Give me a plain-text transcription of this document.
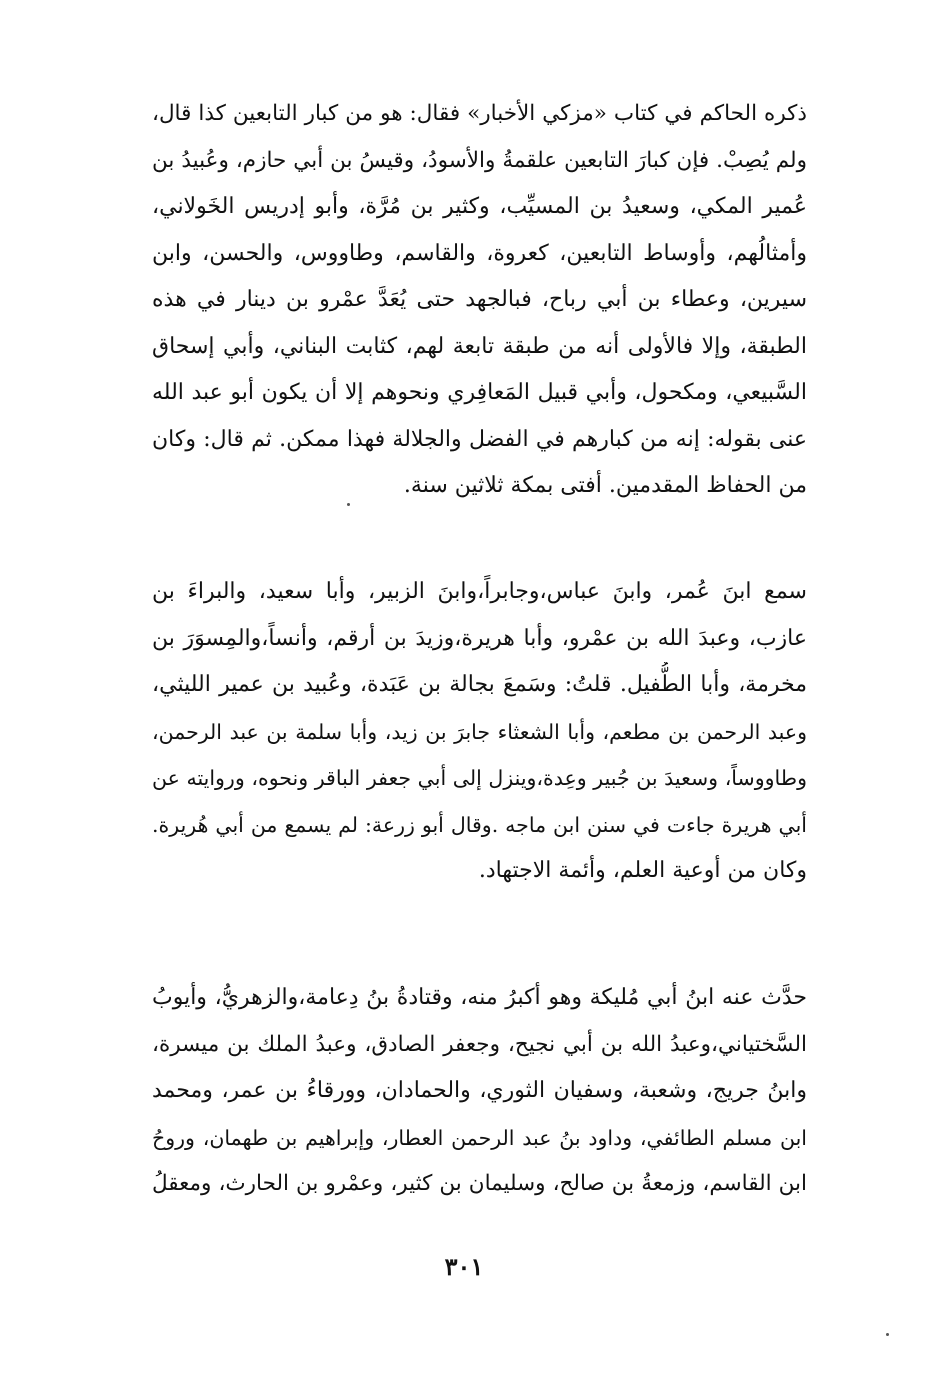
ذكره الحاكم في كتاب «مزكي الأخبار» فقال: هو من كبار التابعين كذا قال،
ولم يُصِبْ. فإن كبارَ التابعين علقمةُ والأسودُ، وقيسُ بن أبي حازم، وعُبيدُ بن
عُمير المكي، وسعيدُ بن المسيِّب، وكثير بن مُرَّة، وأبو إدريس الخَولاني،
وأمثالُهم، وأوساط التابعين، كعروة، والقاسم، وطاووس، والحسن، وابن
سيرين، وعطاء بن أبي رباح، فبالجهد حتى يُعَدَّ عمْرو بن دينار في هذه
الطبقة، وإلا فالأولى أنه من طبقة تابعة لهم، كثابت البناني، وأبي إسحاق
السَّبيعي، ومكحول، وأبي قبيل المَعافِري ونحوهم إلا أن يكون أبو عبد الله
عنى بقوله: إنه من كبارهم في الفضل والجلالة فهذا ممكن. ثم قال: وكان
من الحفاظ المقدمين. أفتى بمكة ثلاثين سنة.
سمع ابنَ عُمر، وابنَ عباس،وجابراً،وابنَ الزبير، وأبا سعيد، والبراءَ بن
عازب، وعبدَ الله بن عمْرو، وأبا هريرة،وزيدَ بن أرقم، وأنساً،والمِسوَرَ بن
مخرمة، وأبا الطُّفيل. قلتُ: وسَمعَ بجالة بن عَبَدة، وعُبيد بن عمير الليثي،
وعبد الرحمن بن مطعم، وأبا الشعثاء جابرَ بن زيد، وأبا سلمة بن عبد الرحمن،
وطاووساً، وسعيدَ بن جُبير وعِدة،وينزل إلى أبي جعفر الباقر ونحوه، وروايته عن
أبي هريرة جاءت في سنن ابن ماجه .وقال أبو زرعة: لم يسمع من أبي هُريرة.
وكان من أوعية العلم، وأئمة الاجتهاد.
حدَّث عنه ابنُ أبي مُليكة وهو أكبرُ منه، وقتادةُ بنُ دِعامة،والزهريُّ، وأيوبُ
السَّختياني،وعبدُ الله بن أبي نجيح، وجعفر الصادق، وعبدُ الملك بن ميسرة،
وابنُ جريج، وشعبة، وسفيان الثوري، والحمادان، وورقاءُ بن عمر، ومحمد
ابن مسلم الطائفي، وداود بنُ عبد الرحمن العطار، وإبراهيم بن طهمان، وروحُ
ابن القاسم، وزمعةُ بن صالح، وسليمان بن كثير، وعمْرو بن الحارث، ومعقلُ
٣٠١
